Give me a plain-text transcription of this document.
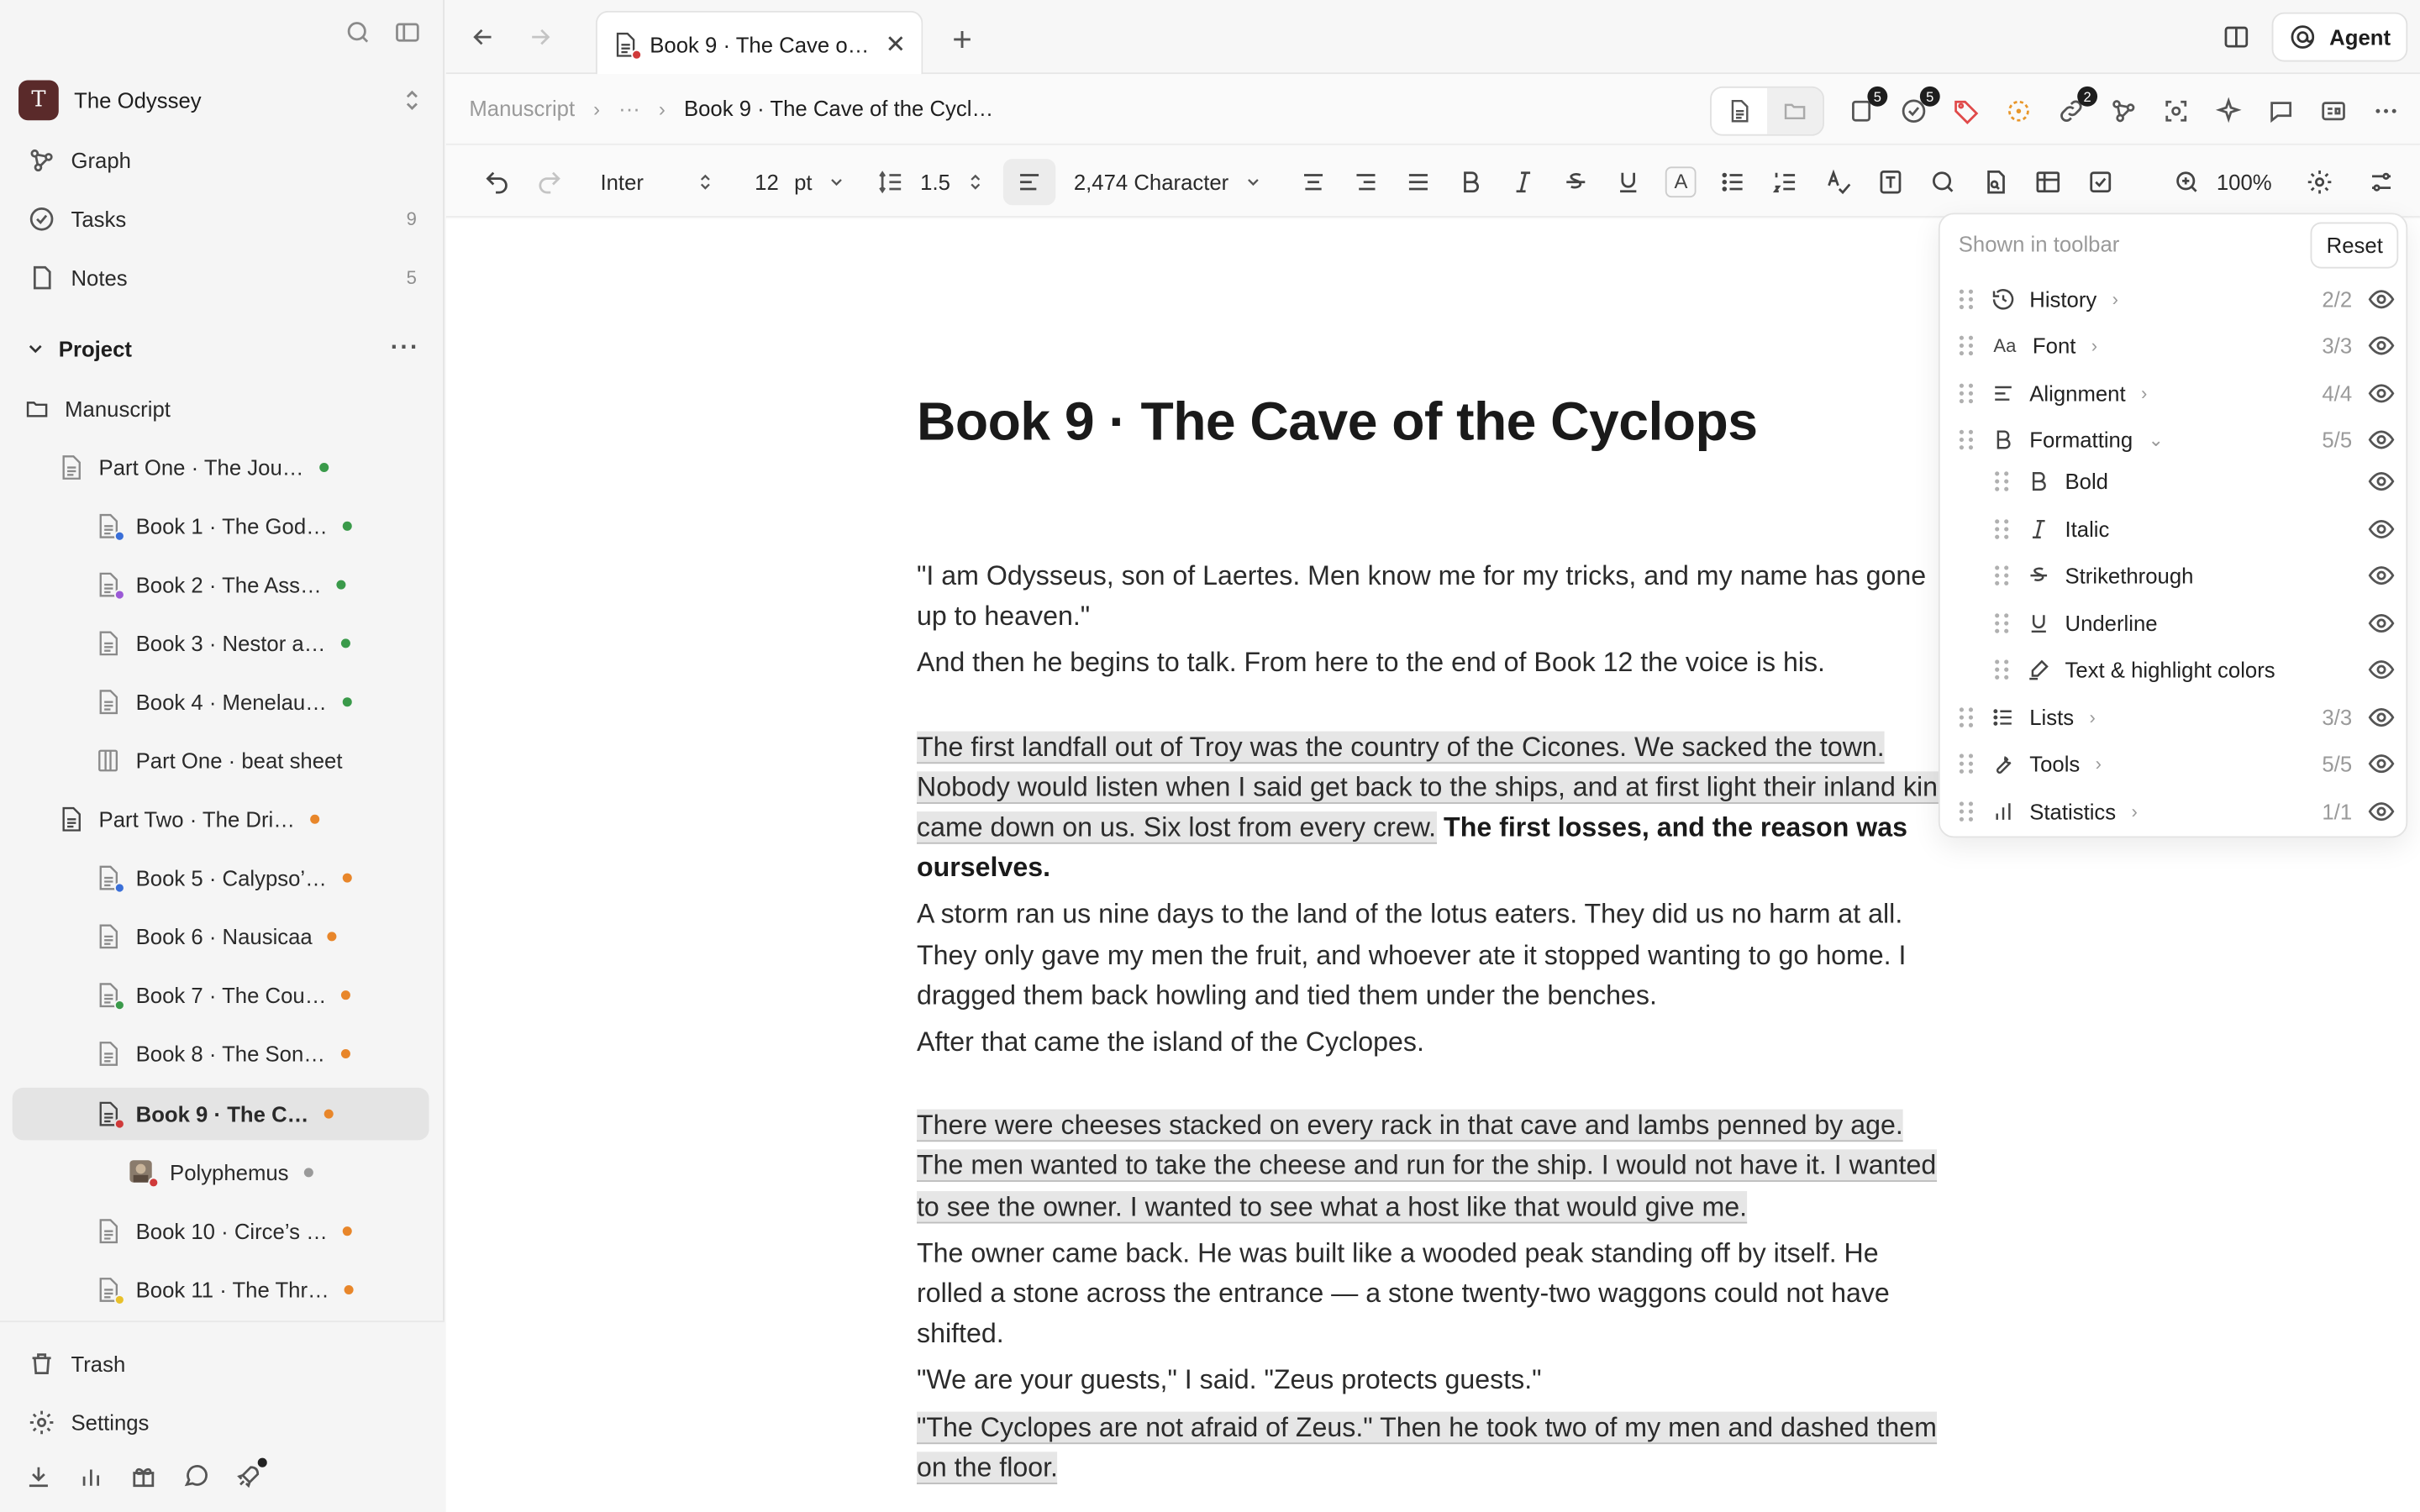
T	The Odyssey
Graph
Tasks	9
Notes	5
Project	···
Manuscript
Part One · The Jou…
Book 1 · The God…
Book 2 · The Ass…
Book 3 · Nestor a…
Book 4 · Menelau…
Part One · beat sheet
Part Two · The Dri…
Book 5 · Calypso’…
Book 6 · Nausicaa
Book 7 · The Cou…
Book 8 · The Son…
Book 9 · The C…
Polyphemus
Book 10 · Circe’s …
Book 11 · The Thr…
Trash
Settings
Book 9 · The Cave o… ✕	+	Agent
Manuscript › ··· › Book 9 · The Cave of the Cycl…	5	5	2
Inter	12 pt	1.5	2,474 Character	A	100%
Book 9 · The Cave of the Cyclops

"I am Odysseus, son of Laertes. Men know me for my tricks, and my name has gone up to heaven."

And then he begins to talk. From here to the end of Book 12 the voice is his.

The first landfall out of Troy was the country of the Cicones. We sacked the town. Nobody would listen when I said get back to the ships, and at first light their inland kin came down on us. Six lost from every crew. The first losses, and the reason was ourselves.

A storm ran us nine days to the land of the lotus eaters. They did us no harm at all. They only gave my men the fruit, and whoever ate it stopped wanting to go home. I dragged them back howling and tied them under the benches.

After that came the island of the Cyclopes.

There were cheeses stacked on every rack in that cave and lambs penned by age. The men wanted to take the cheese and run for the ship. I would not have it. I wanted to see the owner. I wanted to see what a host like that would give me.

The owner came back. He was built like a wooded peak standing off by itself. He rolled a stone across the entrance — a stone twenty-two waggons could not have shifted.

"We are your guests," I said. "Zeus protects guests."

"The Cyclopes are not afraid of Zeus." Then he took two of my men and dashed them on the floor.

Shown in toolbar	Reset
History ›	2/2
Aa	Font ›	3/3
Alignment ›	4/4
Formatting ⌄	5/5
Bold
Italic
Strikethrough
Underline
Text & highlight colors
Lists ›	3/3
Tools ›	5/5
Statistics ›	1/1
